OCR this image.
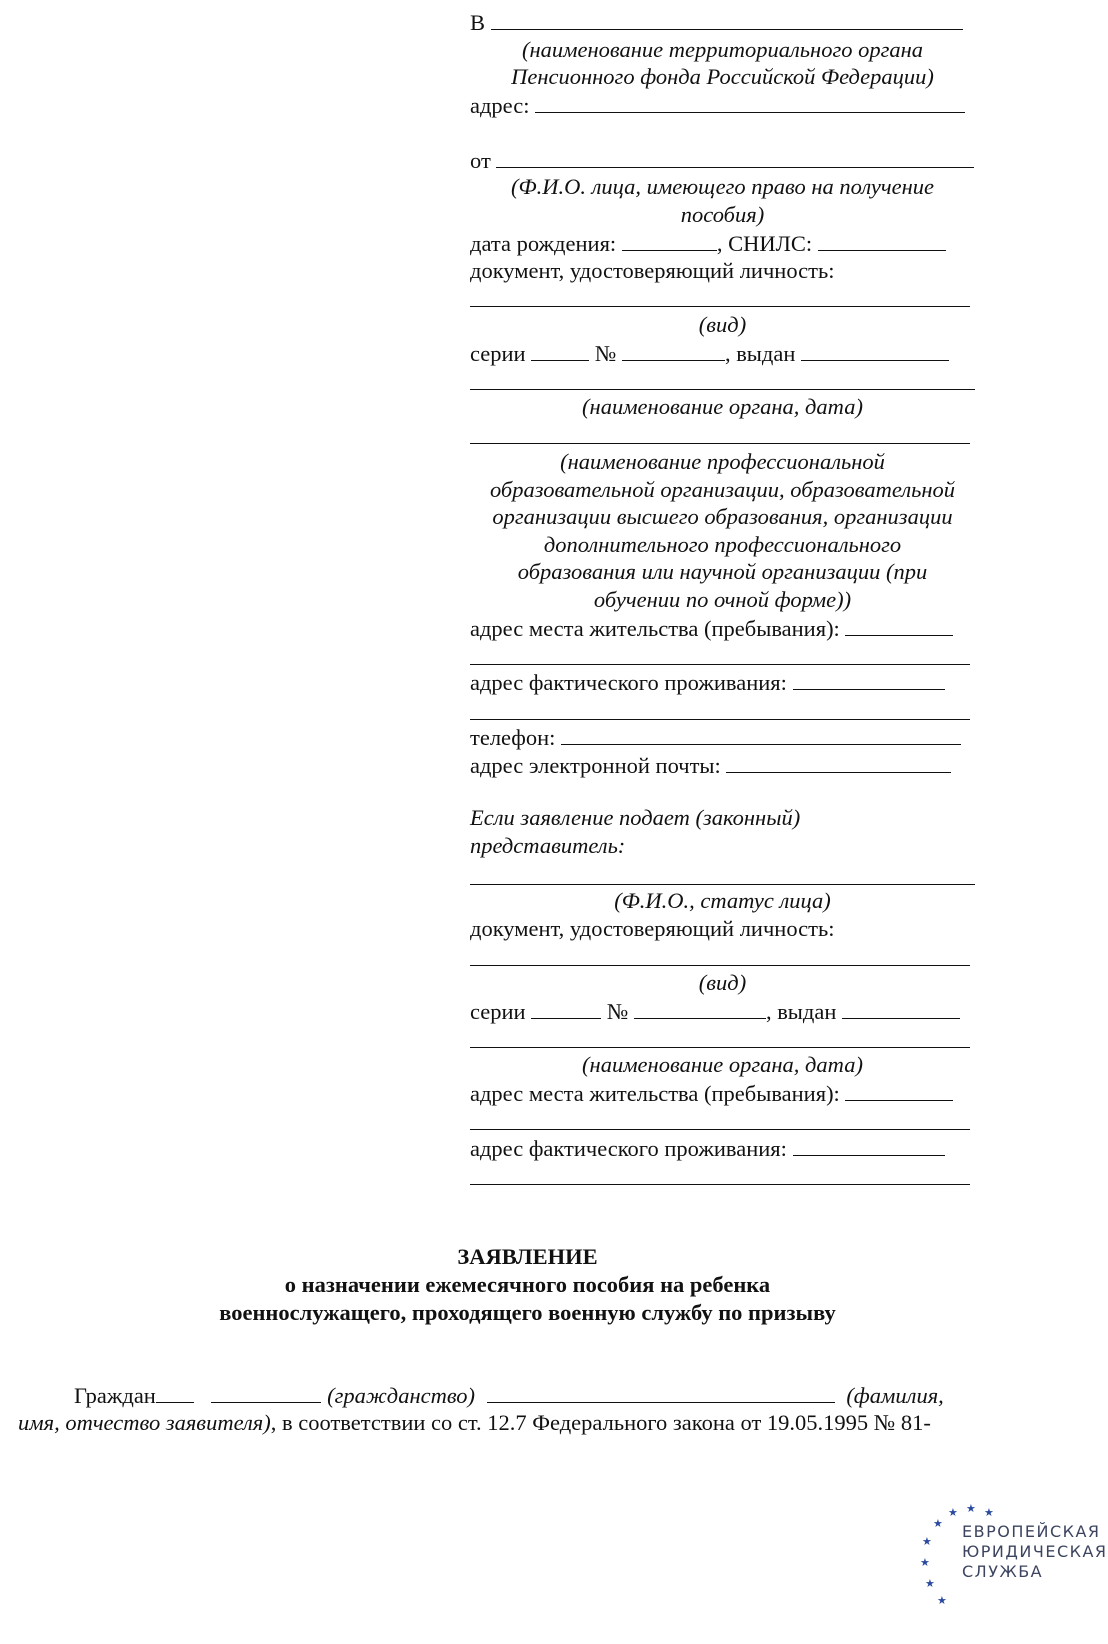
В
(наименование территориального органа
Пенсионного фонда Российской Федерации)
адрес:
от
(Ф.И.О. лица, имеющего право на получение
пособия)
дата рождения:	, СНИЛС:
документ, удостоверяющий личность:
(вид)
серии	№	, выдан
(наименование органа, дата)
(наименование профессиональной
образовательной организации, образовательной
организации высшего образования, организации
дополнительного профессионального
образования или научной организации (при
обучении по очной форме))
адрес места жительства (пребывания):
адрес фактического проживания:
телефон:
адрес электронной почты:
Если заявление подает (законный)
представитель:
(Ф.И.О., статус лица)
документ, удостоверяющий личность:
(вид)
серии	№	, выдан
(наименование органа, дата)
адрес места жительства (пребывания):
адрес фактического проживания:
ЗАЯВЛЕНИЕ
о назначении ежемесячного пособия на ребенка
военнослужащего, проходящего военную службу по призыву
Граждан	(гражданство)	(фамилия,
имя, отчество заявителя), в соответствии со ст. 12.7 Федерального закона от 19.05.1995 № 81-
★ ★ ★
★
★
★
★
★
ЕВРОПЕЙСКАЯ
ЮРИДИЧЕСКАЯ
СЛУЖБА
